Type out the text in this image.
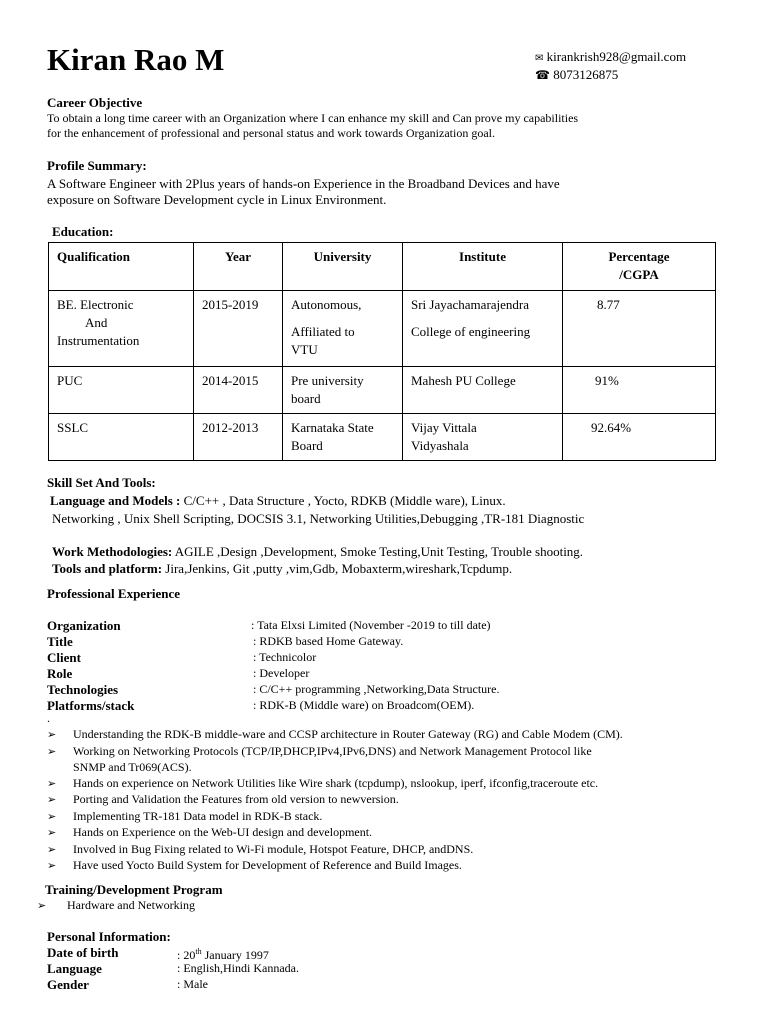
Kiran Rao M	✉ kirankrish928@gmail.com
☎ 8073126875
Career Objective
To obtain a long time career with an Organization where I can enhance my skill and Can prove my capabilities
for the enhancement of professional and personal status and work towards Organization goal.
Profile Summary:
A Software Engineer with 2Plus years of hands-on Experience in the Broadband Devices and have
exposure on Software Development cycle in Linux Environment.
Education:
Qualification	Year	University	Institute	Percentage
/CGPA
BE. Electronic
And
Instrumentation	2015-2019	Autonomous,
Affiliated to
VTU	Sri Jayachamarajendra
College of engineering	8.77
PUC	2014-2015	Pre university
board	Mahesh PU College	91%
SSLC	2012-2013	Karnataka State
Board	Vijay Vittala
Vidyashala	92.64%
Skill Set And Tools:
Language and Models : C/C++ , Data Structure , Yocto, RDKB (Middle ware), Linux.
Networking , Unix Shell Scripting, DOCSIS 3.1, Networking Utilities,Debugging ,TR-181 Diagnostic
Work Methodologies: AGILE ,Design ,Development, Smoke Testing,Unit Testing, Trouble shooting.
Tools and platform: Jira,Jenkins, Git ,putty ,vim,Gdb, Mobaxterm,wireshark,Tcpdump.
Professional Experience
Organization	: Tata Elxsi Limited (November -2019 to till date)
Title	: RDKB based Home Gateway.
Client	: Technicolor
Role	: Developer
Technologies	: C/C++ programming ,Networking,Data Structure.
Platforms/stack	: RDK-B (Middle ware) on Broadcom(OEM).
.
➢ Understanding the RDK-B middle-ware and CCSP architecture in Router Gateway (RG) and Cable Modem (CM).
➢ Working on Networking Protocols (TCP/IP,DHCP,IPv4,IPv6,DNS) and Network Management Protocol like
SNMP and Tr069(ACS).
➢ Hands on experience on Network Utilities like Wire shark (tcpdump), nslookup, iperf, ifconfig,traceroute etc.
➢ Porting and Validation the Features from old version to newversion.
➢ Implementing TR-181 Data model in RDK-B stack.
➢ Hands on Experience on the Web-UI design and development.
➢ Involved in Bug Fixing related to Wi-Fi module, Hotspot Feature, DHCP, andDNS.
➢ Have used Yocto Build System for Development of Reference and Build Images.
Training/Development Program
➢ Hardware and Networking
Personal Information:
Date of birth	: 20th January 1997
Language	: English,Hindi Kannada.
Gender	: Male
